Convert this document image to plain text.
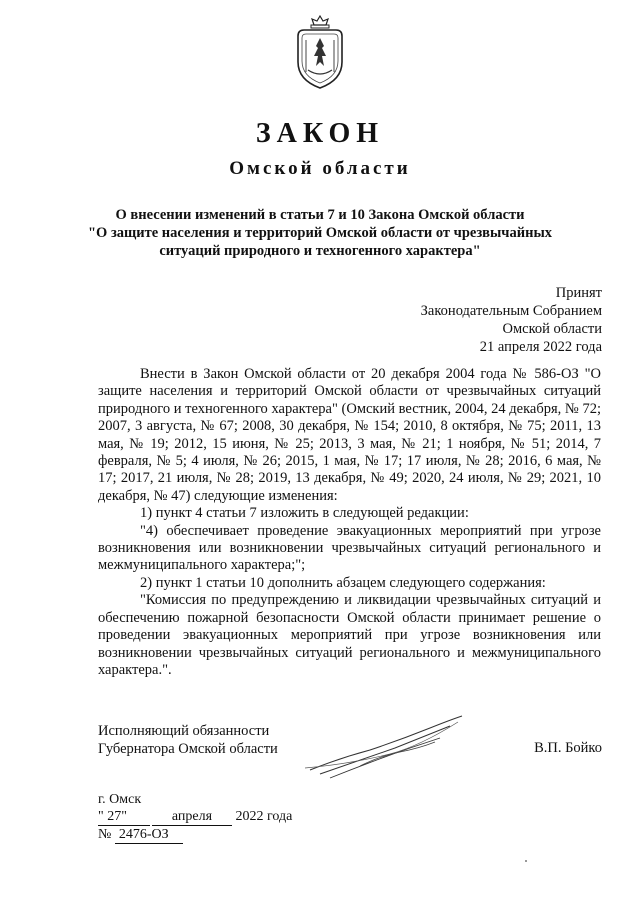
ЗАКОН
Омской области
О внесении изменений в статьи 7 и 10 Закона Омской области
"О защите населения и территорий Омской области от чрезвычайных
ситуаций природного и техногенного характера"
Принят
Законодательным Собранием
Омской области
21 апреля 2022 года

Внести в Закон Омской области от 20 декабря 2004 года № 586-ОЗ "О защите населения и территорий Омской области от чрезвычайных ситуаций природного и техногенного характера" (Омский вестник, 2004, 24 декабря, № 72; 2007, 3 августа, № 67; 2008, 30 декабря, № 154; 2010, 8 октября, № 75; 2011, 13 мая, № 19; 2012, 15 июня, № 25; 2013, 3 мая, № 21; 1 ноября, № 51; 2014, 7 февраля, № 5; 4 июля, № 26; 2015, 1 мая, № 17; 17 июля, № 28; 2016, 6 мая, № 17; 2017, 21 июля, № 28; 2019, 13 декабря, № 49; 2020, 24 июля, № 29; 2021, 10 декабря, № 47) следующие изменения:

1) пункт 4 статьи 7 изложить в следующей редакции:

"4) обеспечивает проведение эвакуационных мероприятий при угрозе возникновения или возникновении чрезвычайных ситуаций регионального и межмуниципального характера;";

2) пункт 1 статьи 10 дополнить абзацем следующего содержания:

"Комиссия по предупреждению и ликвидации чрезвычайных ситуаций и обеспечению пожарной безопасности Омской области принимает решение о проведении эвакуационных мероприятий при угрозе возникновения или возникновении чрезвычайных ситуаций регионального и межмуниципального характера.".

Исполняющий обязанности
Губернатора Омской области	В.П. Бойко
г. Омск
" 27"	апреля 2022 года
№ 2476-ОЗ
